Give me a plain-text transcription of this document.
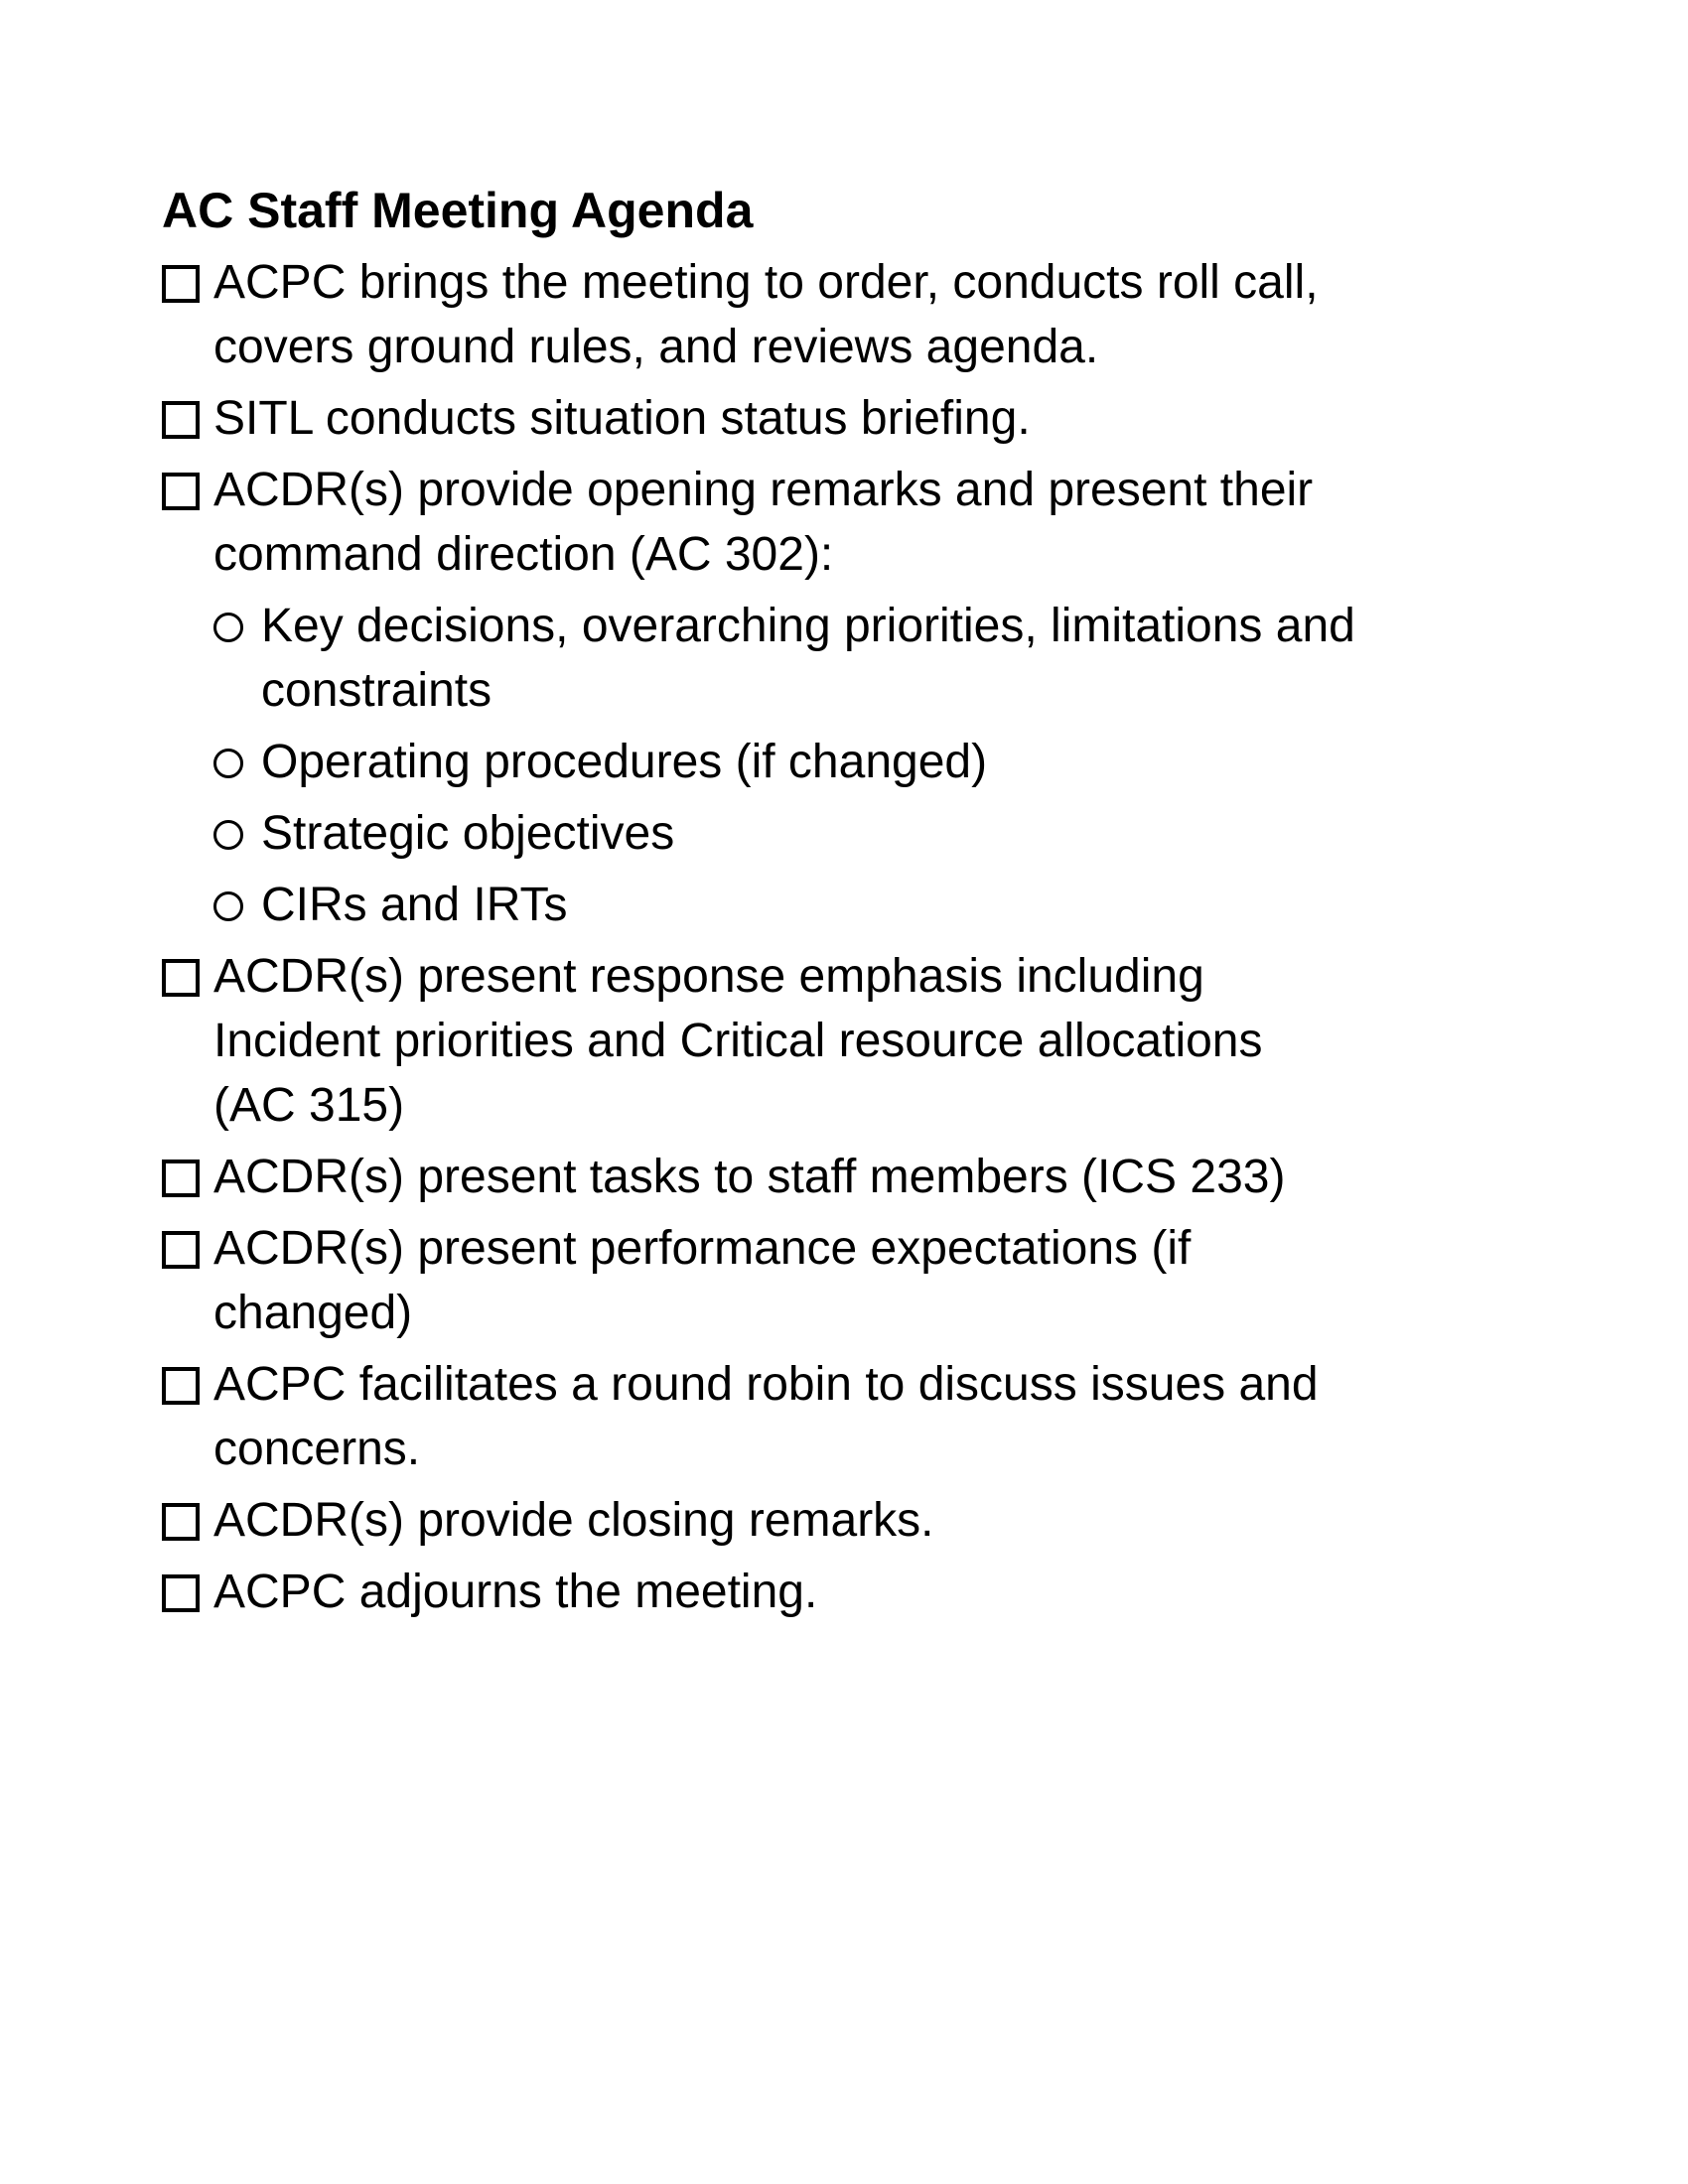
AC Staff Meeting Agenda
ACPC brings the meeting to order, conducts roll call,
covers ground rules, and reviews agenda.
SITL conducts situation status briefing.
ACDR(s) provide opening remarks and present their
command direction (AC 302):
Key decisions, overarching priorities, limitations and
constraints
Operating procedures (if changed)
Strategic objectives
CIRs and IRTs
ACDR(s) present response emphasis including
Incident priorities and Critical resource allocations
(AC 315)
ACDR(s) present tasks to staff members (ICS 233)
ACDR(s) present performance expectations (if
changed)
ACPC facilitates a round robin to discuss issues and
concerns.
ACDR(s) provide closing remarks.
ACPC adjourns the meeting.
